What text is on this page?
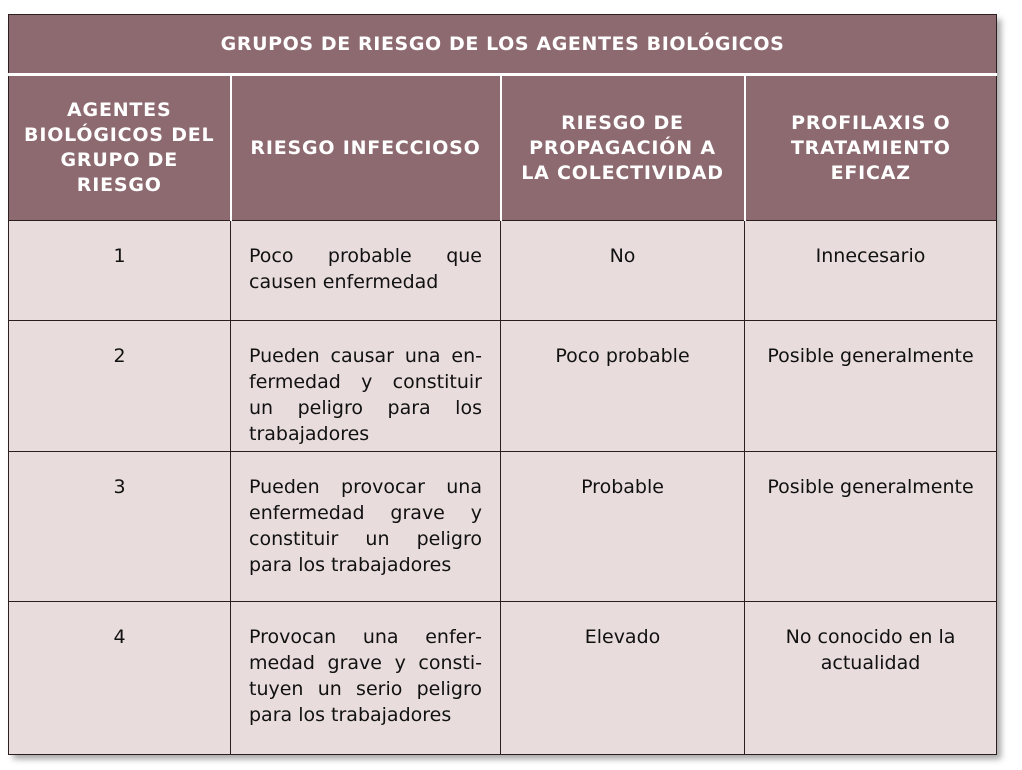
GRUPOS DE RIESGO DE LOS AGENTES BIOLÓGICOS			
AGENTES BIOLÓGICOS DEL GRUPO DE RIESGO	RIESGO INFECCIOSO	RIESGO DE PROPAGACIÓN A LA COLECTIVIDAD	PROFILAXIS O TRATAMIENTO EFICAZ
1	Poco probable que causen enfermedad	No	Innecesario
2	Pueden causar una enfermedad y constituir un peligro para los trabajadores	Poco probable	Posible generalmente
3	Pueden provocar una enfermedad grave y constituir un peligro para los trabajadores	Probable	Posible generalmente
4	Provocan una enfermedad grave y constituyen un serio peligro para los trabajadores	Elevado	No conocido en la actualidad
